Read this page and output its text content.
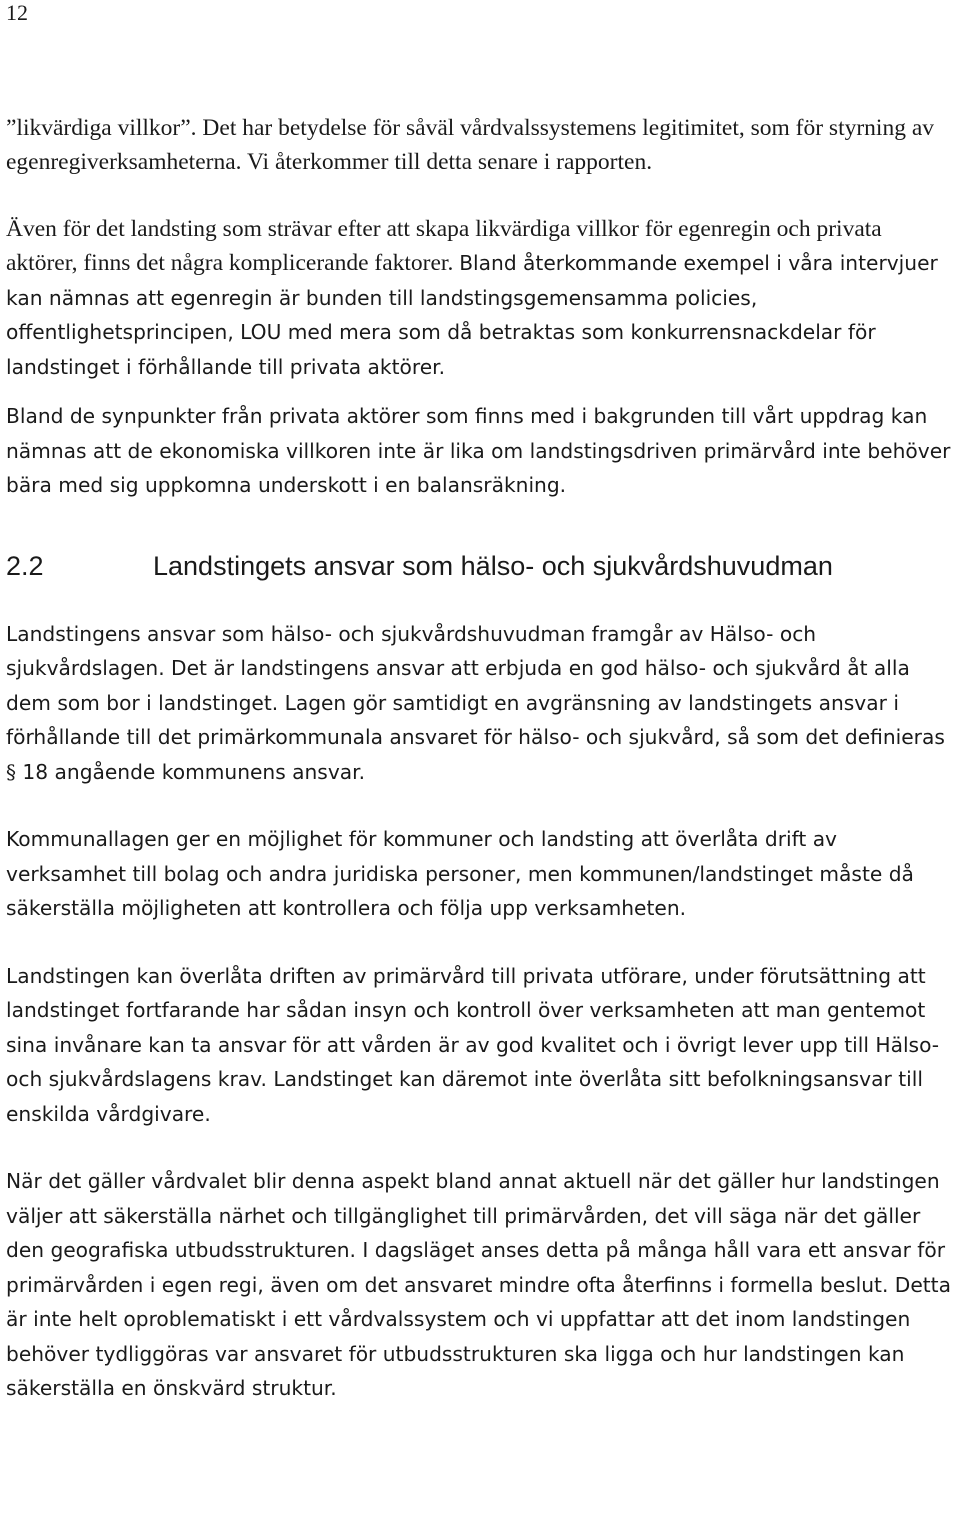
12

”likvärdiga villkor”. Det har betydelse för såväl vårdvalssystemens legitimitet, som för styrning av egenregiverksamheterna. Vi återkommer till detta senare i rapporten.

Även för det landsting som strävar efter att skapa likvärdiga villkor för egenregin och privata aktörer, finns det några komplicerande faktorer. Bland återkommande exempel i våra intervjuer kan nämnas att egenregin är bunden till landstingsgemensamma policies, offentlighetsprincipen, LOU med mera som då betraktas som konkurrensnackdelar för landstinget i förhållande till privata aktörer.

Bland de synpunkter från privata aktörer som finns med i bakgrunden till vårt uppdrag kan nämnas att de ekonomiska villkoren inte är lika om landstingsdriven primärvård inte behöver bära med sig uppkomna underskott i en balansräkning.

2.2	Landstingets ansvar som hälso- och sjukvårdshuvudman

Landstingens ansvar som hälso- och sjukvårdshuvudman framgår av Hälso- och sjukvårdslagen. Det är landstingens ansvar att erbjuda en god hälso- och sjukvård åt alla dem som bor i landstinget. Lagen gör samtidigt en avgränsning av landstingets ansvar i förhållande till det primärkommunala ansvaret för hälso- och sjukvård, så som det definieras § 18 angående kommunens ansvar.

Kommunallagen ger en möjlighet för kommuner och landsting att överlåta drift av verksamhet till bolag och andra juridiska personer, men kommunen/landstinget måste då säkerställa möjligheten att kontrollera och följa upp verksamheten.

Landstingen kan överlåta driften av primärvård till privata utförare, under förutsättning att landstinget fortfarande har sådan insyn och kontroll över verksamheten att man gentemot sina invånare kan ta ansvar för att vården är av god kvalitet och i övrigt lever upp till Hälso- och sjukvårdslagens krav. Landstinget kan däremot inte överlåta sitt befolkningsansvar till enskilda vårdgivare.

När det gäller vårdvalet blir denna aspekt bland annat aktuell när det gäller hur landstingen väljer att säkerställa närhet och tillgänglighet till primärvården, det vill säga när det gäller den geografiska utbudsstrukturen. I dagsläget anses detta på många håll vara ett ansvar för primärvården i egen regi, även om det ansvaret mindre ofta återfinns i formella beslut. Detta är inte helt oproblematiskt i ett vårdvalssystem och vi uppfattar att det inom landstingen behöver tydliggöras var ansvaret för utbudsstrukturen ska ligga och hur landstingen kan säkerställa en önskvärd struktur.
